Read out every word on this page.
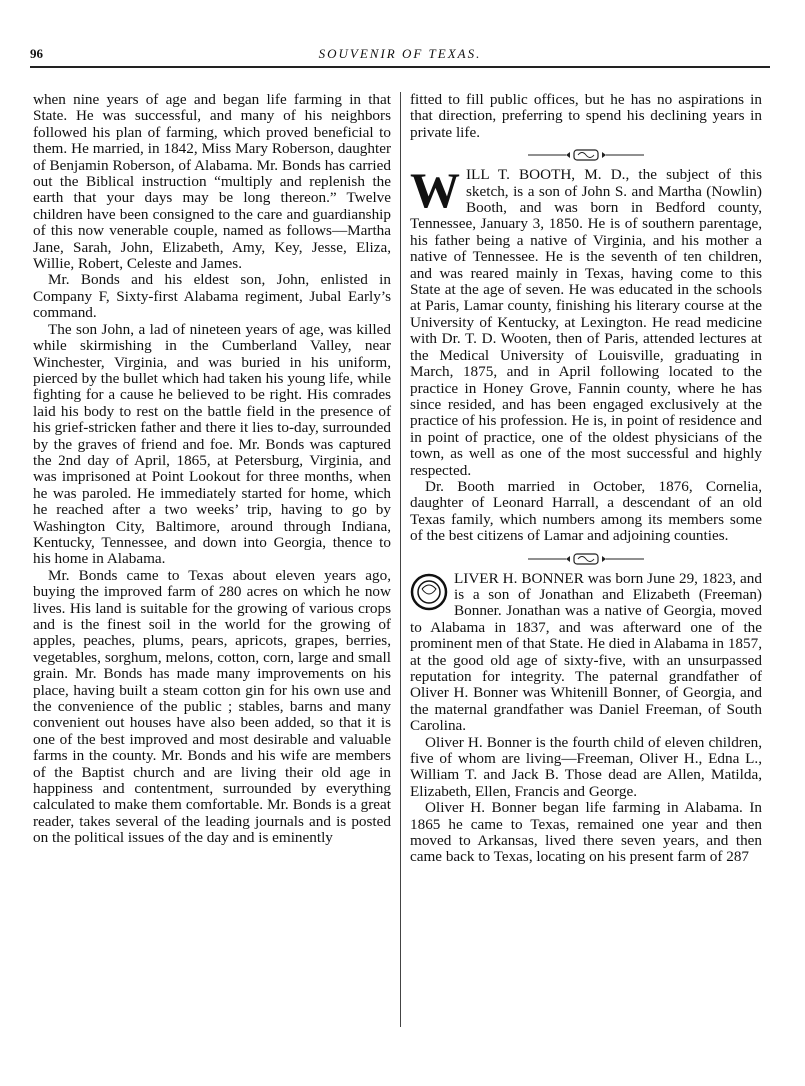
96	SOUVENIR OF TEXAS.

when nine years of age and began life farming in that State. He was successful, and many of his neighbors followed his plan of farming, which proved beneficial to them. He married, in 1842, Miss Mary Roberson, daughter of Benjamin Roberson, of Alabama. Mr. Bonds has carried out the Biblical instruction “multiply and replenish the earth that your days may be long thereon.” Twelve children have been consigned to the care and guardianship of this now venerable couple, named as follows—Martha Jane, Sarah, John, Elizabeth, Amy, Key, Jesse, Eliza, Willie, Robert, Celeste and James.

Mr. Bonds and his eldest son, John, enlisted in Company F, Sixty-first Alabama regiment, Jubal Early’s command.

The son John, a lad of nineteen years of age, was killed while skirmishing in the Cumberland Valley, near Winchester, Virginia, and was buried in his uniform, pierced by the bullet which had taken his young life, while fighting for a cause he believed to be right. His comrades laid his body to rest on the battle field in the presence of his grief-stricken father and there it lies to-day, surrounded by the graves of friend and foe. Mr. Bonds was captured the 2nd day of April, 1865, at Petersburg, Virginia, and was imprisoned at Point Lookout for three months, when he was paroled. He immediately started for home, which he reached after a two weeks’ trip, having to go by Washington City, Baltimore, around through Indiana, Kentucky, Tennessee, and down into Georgia, thence to his home in Alabama.

Mr. Bonds came to Texas about eleven years ago, buying the improved farm of 280 acres on which he now lives. His land is suitable for the growing of various crops and is the finest soil in the world for the growing of apples, peaches, plums, pears, apricots, grapes, berries, vegetables, sorghum, melons, cotton, corn, large and small grain. Mr. Bonds has made many improvements on his place, having built a steam cotton gin for his own use and the convenience of the public ; stables, barns and many convenient out houses have also been added, so that it is one of the best improved and most desirable and valuable farms in the county. Mr. Bonds and his wife are members of the Baptist church and are living their old age in happiness and contentment, surrounded by everything calculated to make them comfortable. Mr. Bonds is a great reader, takes several of the leading journals and is posted on the political issues of the day and is eminently

fitted to fill public offices, but he has no aspirations in that direction, preferring to spend his declining years in private life.

WILL T. BOOTH, M. D., the subject of this sketch, is a son of John S. and Martha (Nowlin) Booth, and was born in Bedford county, Tennessee, January 3, 1850. He is of southern parentage, his father being a native of Virginia, and his mother a native of Tennessee. He is the seventh of ten children, and was reared mainly in Texas, having come to this State at the age of seven. He was educated in the schools at Paris, Lamar county, finishing his literary course at the University of Kentucky, at Lexington. He read medicine with Dr. T. D. Wooten, then of Paris, attended lectures at the Medical University of Louisville, graduating in March, 1875, and in April following located to the practice in Honey Grove, Fannin county, where he has since resided, and has been engaged exclusively at the practice of his profession. He is, in point of residence and in point of practice, one of the oldest physicians of the town, as well as one of the most successful and highly respected.

Dr. Booth married in October, 1876, Cornelia, daughter of Leonard Harrall, a descendant of an old Texas family, which numbers among its members some of the best citizens of Lamar and adjoining counties.

LIVER H. BONNER was born June 29, 1823, and is a son of Jonathan and Elizabeth (Freeman) Bonner. Jonathan was a native of Georgia, moved to Alabama in 1837, and was afterward one of the prominent men of that State. He died in Alabama in 1857, at the good old age of sixty-five, with an unsurpassed reputation for integrity. The paternal grandfather of Oliver H. Bonner was Whitenill Bonner, of Georgia, and the maternal grandfather was Daniel Freeman, of South Carolina.

Oliver H. Bonner is the fourth child of eleven children, five of whom are living—Freeman, Oliver H., Edna L., William T. and Jack B. Those dead are Allen, Matilda, Elizabeth, Ellen, Francis and George.

Oliver H. Bonner began life farming in Alabama. In 1865 he came to Texas, remained one year and then moved to Arkansas, lived there seven years, and then came back to Texas, locating on his present farm of 287
